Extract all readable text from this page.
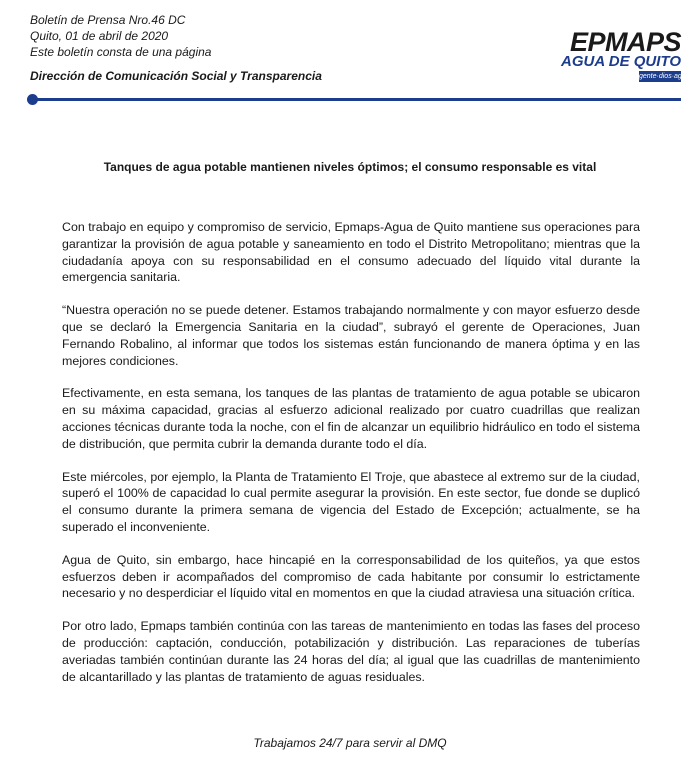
Boletín de Prensa Nro.46 DC
Quito, 01 de abril de 2020
Este boletín consta de una página
Dirección de Comunicación Social y Transparencia
EPMAPS
AGUA DE QUITO
gente·dios·ag
Tanques de agua potable mantienen niveles óptimos; el consumo responsable es vital

Con trabajo en equipo y compromiso de servicio, Epmaps-Agua de Quito mantiene sus operaciones para garantizar la provisión de agua potable y saneamiento en todo el Distrito Metropolitano; mientras que la ciudadanía apoya con su responsabilidad en el consumo adecuado del líquido vital durante la emergencia sanitaria.

“Nuestra operación no se puede detener. Estamos trabajando normalmente y con mayor esfuerzo desde que se declaró la Emergencia Sanitaria en la ciudad”, subrayó el gerente de Operaciones, Juan Fernando Robalino, al informar que todos los sistemas están funcionando de manera óptima y en las mejores condiciones.

Efectivamente, en esta semana, los tanques de las plantas de tratamiento de agua potable se ubicaron en su máxima capacidad, gracias al esfuerzo adicional realizado por cuatro cuadrillas que realizan acciones técnicas durante toda la noche, con el fin de alcanzar un equilibrio hidráulico en todo el sistema de distribución, que permita cubrir la demanda durante todo el día.

Este miércoles, por ejemplo, la Planta de Tratamiento El Troje, que abastece al extremo sur de la ciudad, superó el 100% de capacidad lo cual permite asegurar la provisión. En este sector, fue donde se duplicó el consumo durante la primera semana de vigencia del Estado de Excepción; actualmente, se ha superado el inconveniente.

Agua de Quito, sin embargo, hace hincapié en la corresponsabilidad de los quiteños, ya que estos esfuerzos deben ir acompañados del compromiso de cada habitante por consumir lo estrictamente necesario y no desperdiciar el líquido vital en momentos en que la ciudad atraviesa una situación crítica.

Por otro lado, Epmaps también continúa con las tareas de mantenimiento en todas las fases del proceso de producción: captación, conducción, potabilización y distribución. Las reparaciones de tuberías averiadas también continúan durante las 24 horas del día; al igual que las cuadrillas de mantenimiento de alcantarillado y las plantas de tratamiento de aguas residuales.

Trabajamos 24/7 para servir al DMQ
